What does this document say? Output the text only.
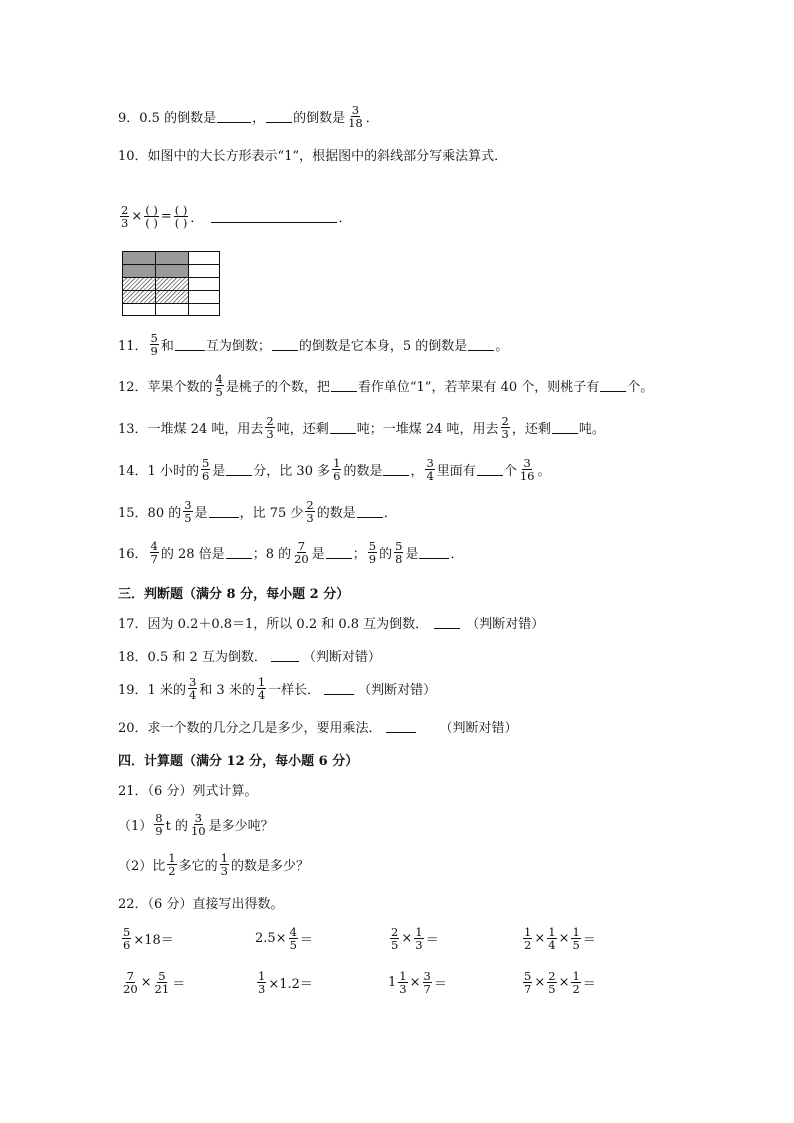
9．0.5 的倒数是	， 的倒数是 $\frac{3}{18}$ ．
10．如图中的大长方形表示“1”，根据图中的斜线部分写乘法算式．
$\frac{2}{3} \times \frac{( )}{( )} = \frac{( )}{( )}$ ．	．
11． $\frac{5}{9}$ 和 互为倒数； 的倒数是它本身，5 的倒数是 。
12．苹果个数的 $\frac{4}{5}$ 是桃子的个数，把 看作单位“1”，若苹果有 40 个，则桃子有 个。
13．一堆煤 24 吨，用去 $\frac{2}{3}$ 吨，还剩 吨；一堆煤 24 吨，用去 $\frac{2}{3}$ ，还剩 吨。
14．1 小时的 $\frac{5}{6}$ 是 分，比 30 多 $\frac{1}{6}$ 的数是 ， $\frac{3}{4}$ 里面有 个 $\frac{3}{16}$ 。
15．80 的 $\frac{3}{5}$ 是 ，比 75 少 $\frac{2}{3}$ 的数是 ．
16． $\frac{4}{7}$ 的 28 倍是 ；8 的 $\frac{7}{20}$ 是 ； $\frac{5}{9}$ 的 $\frac{5}{8}$ 是 ．
三．判断题（满分 8 分，每小题 2 分）
17．因为 0.2＋0.8＝1，所以 0.2 和 0.8 互为倒数．	（判断对错）
18．0.5 和 2 互为倒数．	（判断对错）
19．1 米的 $\frac{3}{4}$ 和 3 米的 $\frac{1}{4}$ 一样长．	（判断对错）
20．求一个数的几分之几是多少，要用乘法．	（判断对错）
四．计算题（满分 12 分，每小题 6 分）
21．（6 分）列式计算。
$(1) \frac{8}{9}$ t 的 $\frac{3}{10}$ 是多少吨？
（2）比 $\frac{1}{2}$ 多它的 $\frac{1}{3}$ 的数是多少？
22．（6 分）直接写出得数。
$\frac{5}{6} \times 18=$	$2.5\times \frac{4}{5}$ ＝	$\frac{2}{5} \times \frac{1}{3}$ ＝	$\frac{1}{2} \times \frac{1}{4} \times \frac{1}{5}$ ＝
$\frac{7}{20} \times \frac{5}{21}$ ＝	$\frac{1}{3} \times 1.2=$	$1 \frac{1}{3} \times \frac{3}{7}$ ＝	$\frac{5}{7} \times \frac{2}{5} \times \frac{1}{2}$ ＝
